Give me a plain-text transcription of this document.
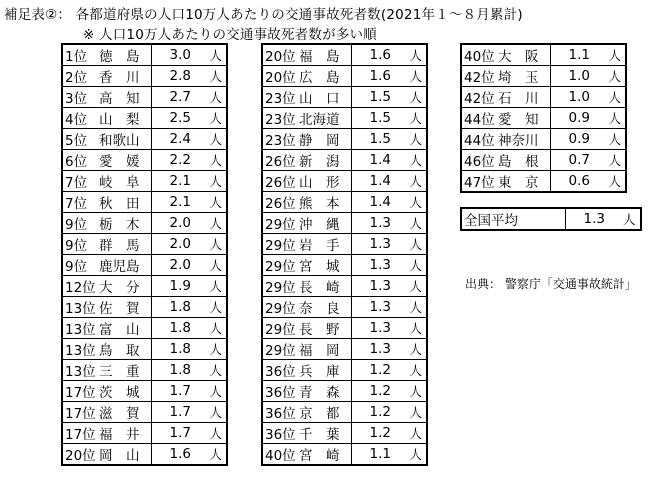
補足表②： 各都道府県の人口10万人あたりの交通事故死者数(2021年１～８月累計)
※ 人口10万人あたりの交通事故死者数が多い順
1位	徳　島	3.0	人
2位	香　川	2.8	人
3位	高　知	2.7	人
4位	山　梨	2.5	人
5位	和歌山	2.4	人
6位	愛　媛	2.2	人
7位	岐　阜	2.1	人
7位	秋　田	2.1	人
9位	栃　木	2.0	人
9位	群　馬	2.0	人
9位	鹿児島	2.0	人
12位	大　分	1.9	人
13位	佐　賀	1.8	人
13位	富　山	1.8	人
13位	鳥　取	1.8	人
13位	三　重	1.8	人
17位	茨　城	1.7	人
17位	滋　賀	1.7	人
17位	福　井	1.7	人
20位	岡　山	1.6	人
20位	福　島	1.6	人
20位	広　島	1.6	人
23位	山　口	1.5	人
23位	北海道	1.5	人
23位	静　岡	1.5	人
26位	新　潟	1.4	人
26位	山　形	1.4	人
26位	熊　本	1.4	人
29位	沖　縄	1.3	人
29位	岩　手	1.3	人
29位	宮　城	1.3	人
29位	長　崎	1.3	人
29位	奈　良	1.3	人
29位	長　野	1.3	人
29位	福　岡	1.3	人
36位	兵　庫	1.2	人
36位	青　森	1.2	人
36位	京　都	1.2	人
36位	千　葉	1.2	人
40位	宮　崎	1.1	人
40位	大　阪	1.1	人
42位	埼　玉	1.0	人
42位	石　川	1.0	人
44位	愛　知	0.9	人
44位	神奈川	0.9	人
46位	島　根	0.7	人
47位	東　京	0.6	人
全国平均	1.3	人
出典： 警察庁「交通事故統計」
